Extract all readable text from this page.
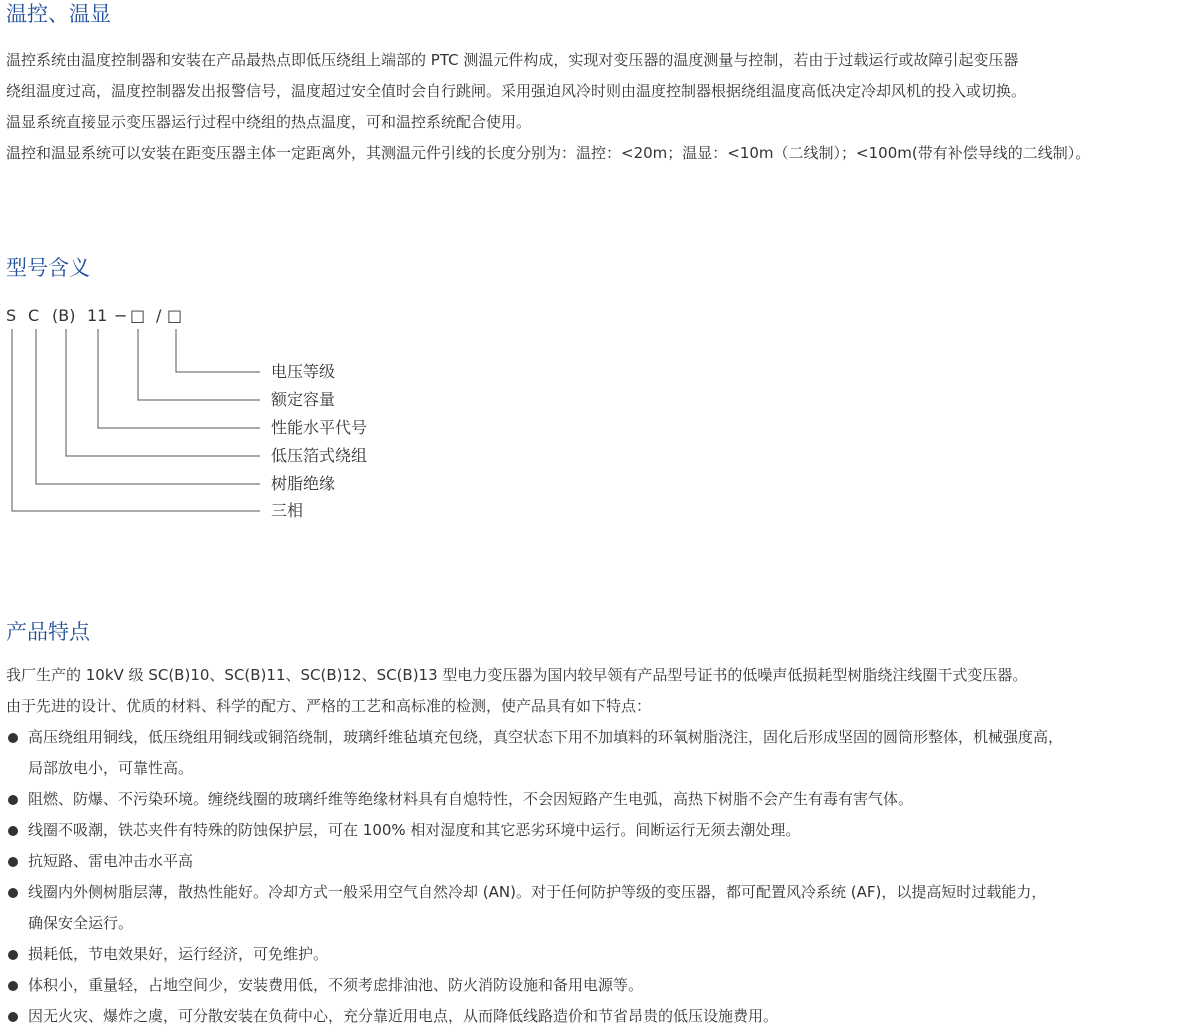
温控、温显

温控系统由温度控制器和安装在产品最热点即低压绕组上端部的 PTC 测温元件构成，实现对变压器的温度测量与控制，若由于过载运行或故障引起变压器

绕组温度过高，温度控制器发出报警信号，温度超过安全值时会自行跳闸。采用强迫风冷时则由温度控制器根据绕组温度高低决定冷却风机的投入或切换。

温显系统直接显示变压器运行过程中绕组的热点温度，可和温控系统配合使用。

温控和温显系统可以安装在距变压器主体一定距离外，其测温元件引线的长度分别为：温控：<20m；温显：<10m（二线制）；<100m(带有补偿导线的二线制）。

型号含义
S C (B) 11 − □ / □
电压等级
额定容量
性能水平代号
低压箔式绕组
树脂绝缘
三相
产品特点

我厂生产的 10kV 级 SC(B)10、SC(B)11、SC(B)12、SC(B)13 型电力变压器为国内较早领有产品型号证书的低噪声低损耗型树脂绕注线圈干式变压器。

由于先进的设计、优质的材料、科学的配方、严格的工艺和高标准的检测，使产品具有如下特点：

高压绕组用铜线，低压绕组用铜线或铜箔绕制，玻璃纤维毡填充包绕，真空状态下用不加填料的环氧树脂浇注，固化后形成坚固的圆筒形整体，机械强度高，
局部放电小，可靠性高。
阻燃、防爆、不污染环境。缠绕线圈的玻璃纤维等绝缘材料具有自熄特性，不会因短路产生电弧，高热下树脂不会产生有毒有害气体。
线圈不吸潮，铁芯夹件有特殊的防蚀保护层，可在 100% 相对湿度和其它恶劣环境中运行。间断运行无须去潮处理。
抗短路、雷电冲击水平高
线圈内外侧树脂层薄，散热性能好。冷却方式一般采用空气自然冷却 (AN)。对于任何防护等级的变压器，都可配置风冷系统 (AF)，以提高短时过载能力，
确保安全运行。
损耗低，节电效果好，运行经济，可免维护。
体积小，重量轻，占地空间少，安装费用低，不须考虑排油池、防火消防设施和备用电源等。
因无火灾、爆炸之虞，可分散安装在负荷中心，充分靠近用电点，从而降低线路造价和节省昂贵的低压设施费用。
